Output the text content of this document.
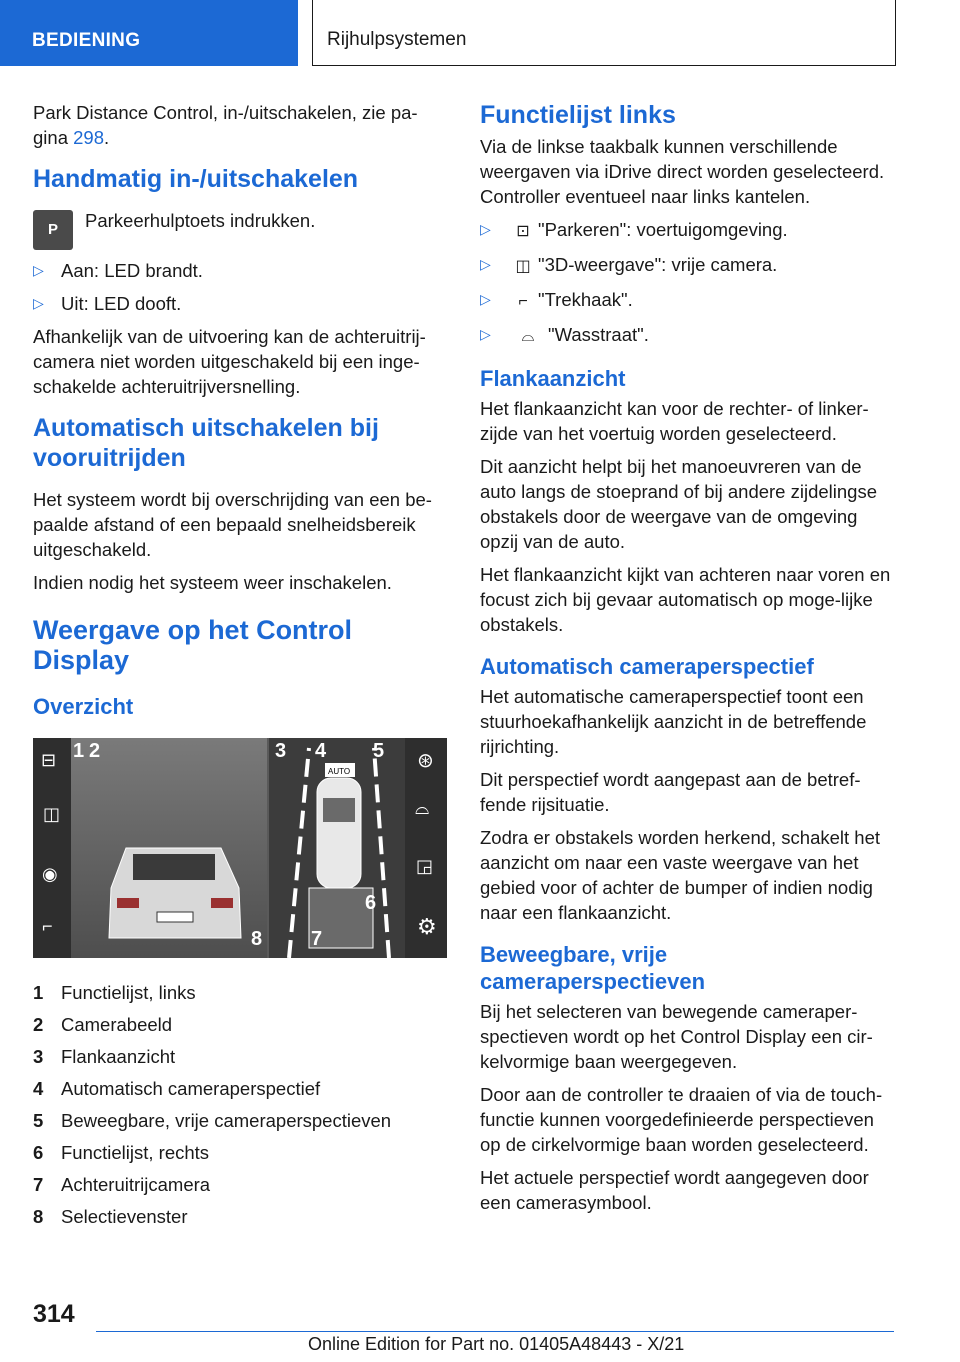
BEDIENING	Rijhulpsystemen

Park Distance Control, in-/uitschakelen, zie pa-gina 298.

Handmatig in-/uitschakelen
P	Parkeerhulptoets indrukken.

▷ Aan: LED brandt.
▷ Uit: LED dooft.

Afhankelijk van de uitvoering kan de achteruitrij-camera niet worden uitgeschakeld bij een inge-schakelde achteruitrijversnelling.

Automatisch uitschakelen bij vooruitrijden

Het systeem wordt bij overschrijding van een be-paalde afstand of een bepaald snelheidsbereik uitgeschakeld.

Indien nodig het systeem weer inschakelen.

Weergave op het Control Display
Overzicht
⊟
◫
◉
⌐
AUTO	⊛
⌓
◲
⚙
1 2	3 4 5
6
7
8
1 Functielijst, links
2 Camerabeeld
3 Flankaanzicht
4 Automatisch cameraperspectief
5 Beweegbare, vrije cameraperspectieven
6 Functielijst, rechts
7 Achteruitrijcamera
8 Selectievenster
Functielijst links

Via de linkse taakbalk kunnen verschillende weergaven via iDrive direct worden geselecteerd. Controller eventueel naar links kantelen.

▷ ⊡ "Parkeren": voertuigomgeving.
▷ ◫ "3D-weergave": vrije camera.
▷ ⌐ "Trekhaak".
▷ ⌓ "Wasstraat".
Flankaanzicht

Het flankaanzicht kan voor de rechter- of linker-zijde van het voertuig worden geselecteerd.

Dit aanzicht helpt bij het manoeuvreren van de auto langs de stoeprand of bij andere zijdelingse obstakels door de weergave van de omgeving opzij van de auto.

Het flankaanzicht kijkt van achteren naar voren en focust zich bij gevaar automatisch op moge-lijke obstakels.

Automatisch cameraperspectief

Het automatische cameraperspectief toont een stuurhoekafhankelijk aanzicht in de betreffende rijrichting.

Dit perspectief wordt aangepast aan de betref-fende rijsituatie.

Zodra er obstakels worden herkend, schakelt het aanzicht om naar een vaste weergave van het gebied voor of achter de bumper of indien nodig naar een flankaanzicht.

Beweegbare, vrije cameraperspectieven

Bij het selecteren van bewegende cameraper-spectieven wordt op het Control Display een cir-kelvormige baan weergegeven.

Door aan de controller te draaien of via de touch-functie kunnen voorgedefinieerde perspectieven op de cirkelvormige baan worden geselecteerd.

Het actuele perspectief wordt aangegeven door een camerasymbool.

314
Online Edition for Part no. 01405A48443 - X/21
